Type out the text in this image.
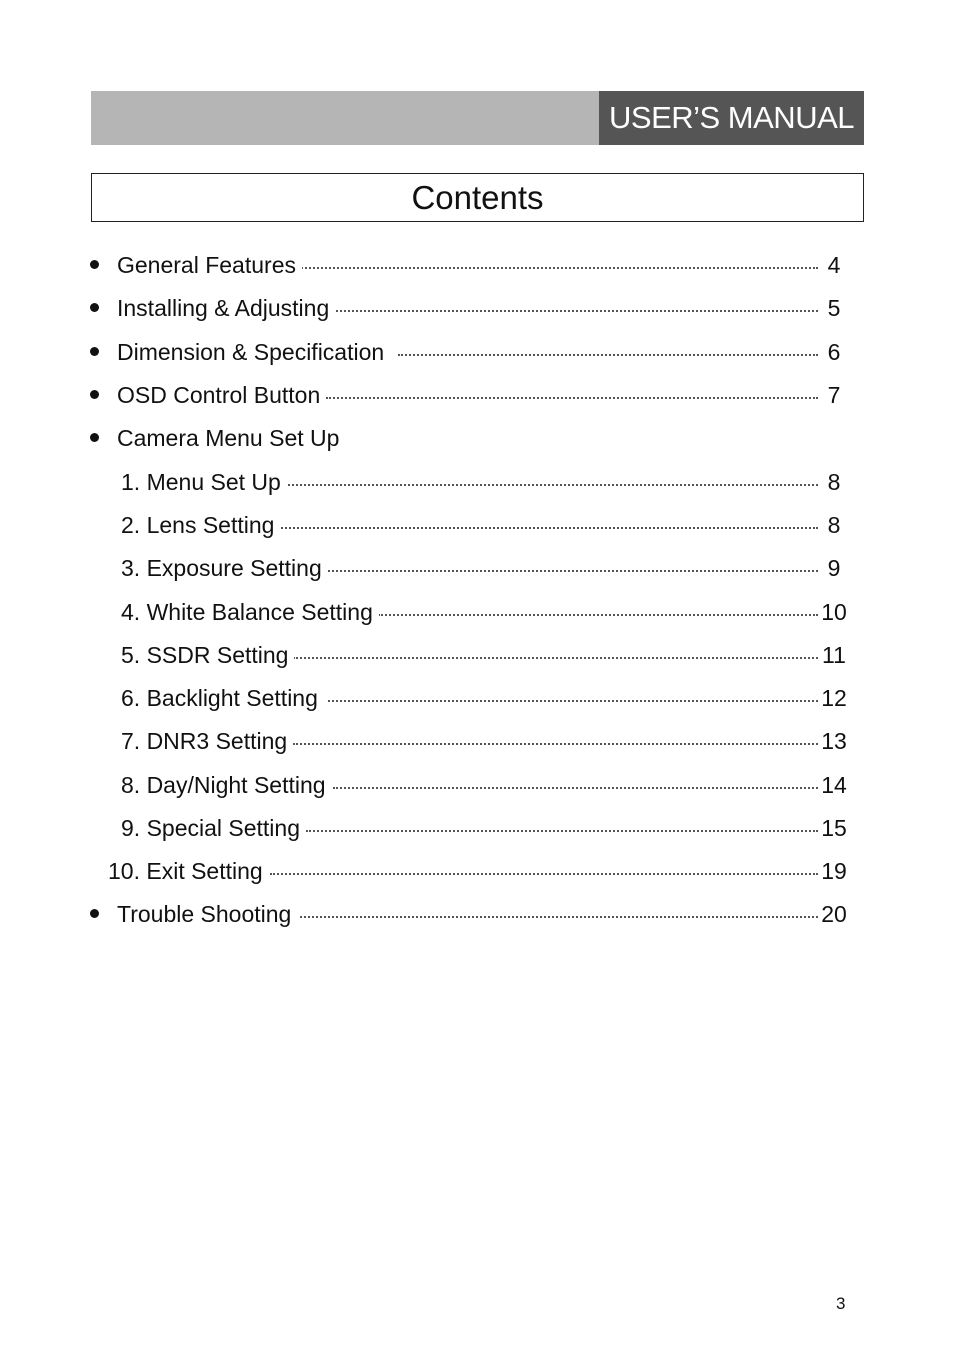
USER’S MANUAL
Contents
General Features	4
Installing & Adjusting	5
Dimension & Specification	6
OSD Control Button	7
Camera Menu Set Up
1. Menu Set Up	8
2. Lens Setting	8
3. Exposure Setting	9
4. White Balance Setting	10
5. SSDR Setting	11
6. Backlight Setting	12
7. DNR3 Setting	13
8. Day/Night Setting	14
9. Special Setting	15
10. Exit Setting	19
Trouble Shooting	20
3
